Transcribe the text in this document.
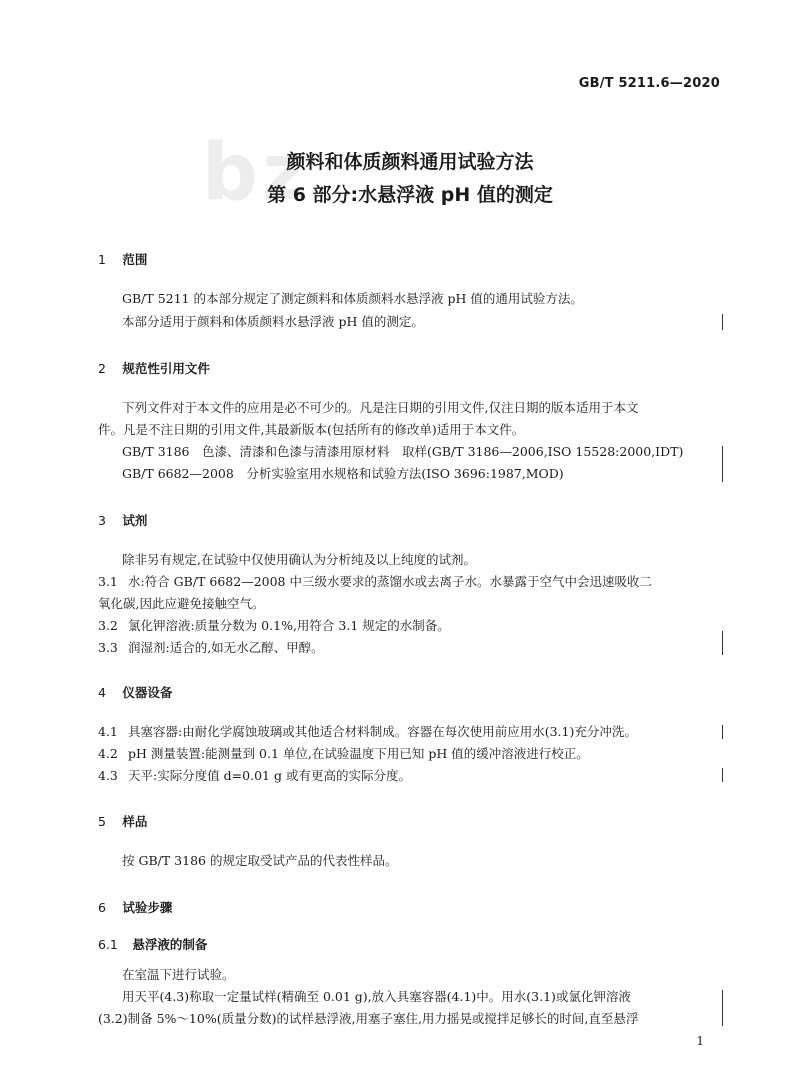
GB/T 5211.6—2020
bz
颜料和体质颜料通用试验方法
第 6 部分:水悬浮液 pH 值的测定
1 范围
GB/T 5211 的本部分规定了测定颜料和体质颜料水悬浮液 pH 值的通用试验方法。
本部分适用于颜料和体质颜料水悬浮液 pH 值的测定。
2 规范性引用文件
下列文件对于本文件的应用是必不可少的。凡是注日期的引用文件,仅注日期的版本适用于本文
件。凡是不注日期的引用文件,其最新版本(包括所有的修改单)适用于本文件。
GB/T 3186　色漆、清漆和色漆与清漆用原材料　取样(GB/T 3186—2006,ISO 15528:2000,IDT)
GB/T 6682—2008　分析实验室用水规格和试验方法(ISO 3696:1987,MOD)
3 试剂
除非另有规定,在试验中仅使用确认为分析纯及以上纯度的试剂。
3.1 水:符合 GB/T 6682—2008 中三级水要求的蒸馏水或去离子水。水暴露于空气中会迅速吸收二
氧化碳,因此应避免接触空气。
3.2 氯化钾溶液:质量分数为 0.1%,用符合 3.1 规定的水制备。
3.3 润湿剂:适合的,如无水乙醇、甲醇。
4 仪器设备
4.1 具塞容器:由耐化学腐蚀玻璃或其他适合材料制成。容器在每次使用前应用水(3.1)充分冲洗。
4.2 pH 测量装置:能测量到 0.1 单位,在试验温度下用已知 pH 值的缓冲溶液进行校正。
4.3 天平:实际分度值 d=0.01 g 或有更高的实际分度。
5 样品
按 GB/T 3186 的规定取受试产品的代表性样品。
6 试验步骤
6.1 悬浮液的制备
在室温下进行试验。
用天平(4.3)称取一定量试样(精确至 0.01 g),放入具塞容器(4.1)中。用水(3.1)或氯化钾溶液
(3.2)制备 5%～10%(质量分数)的试样悬浮液,用塞子塞住,用力摇晃或搅拌足够长的时间,直至悬浮
1
